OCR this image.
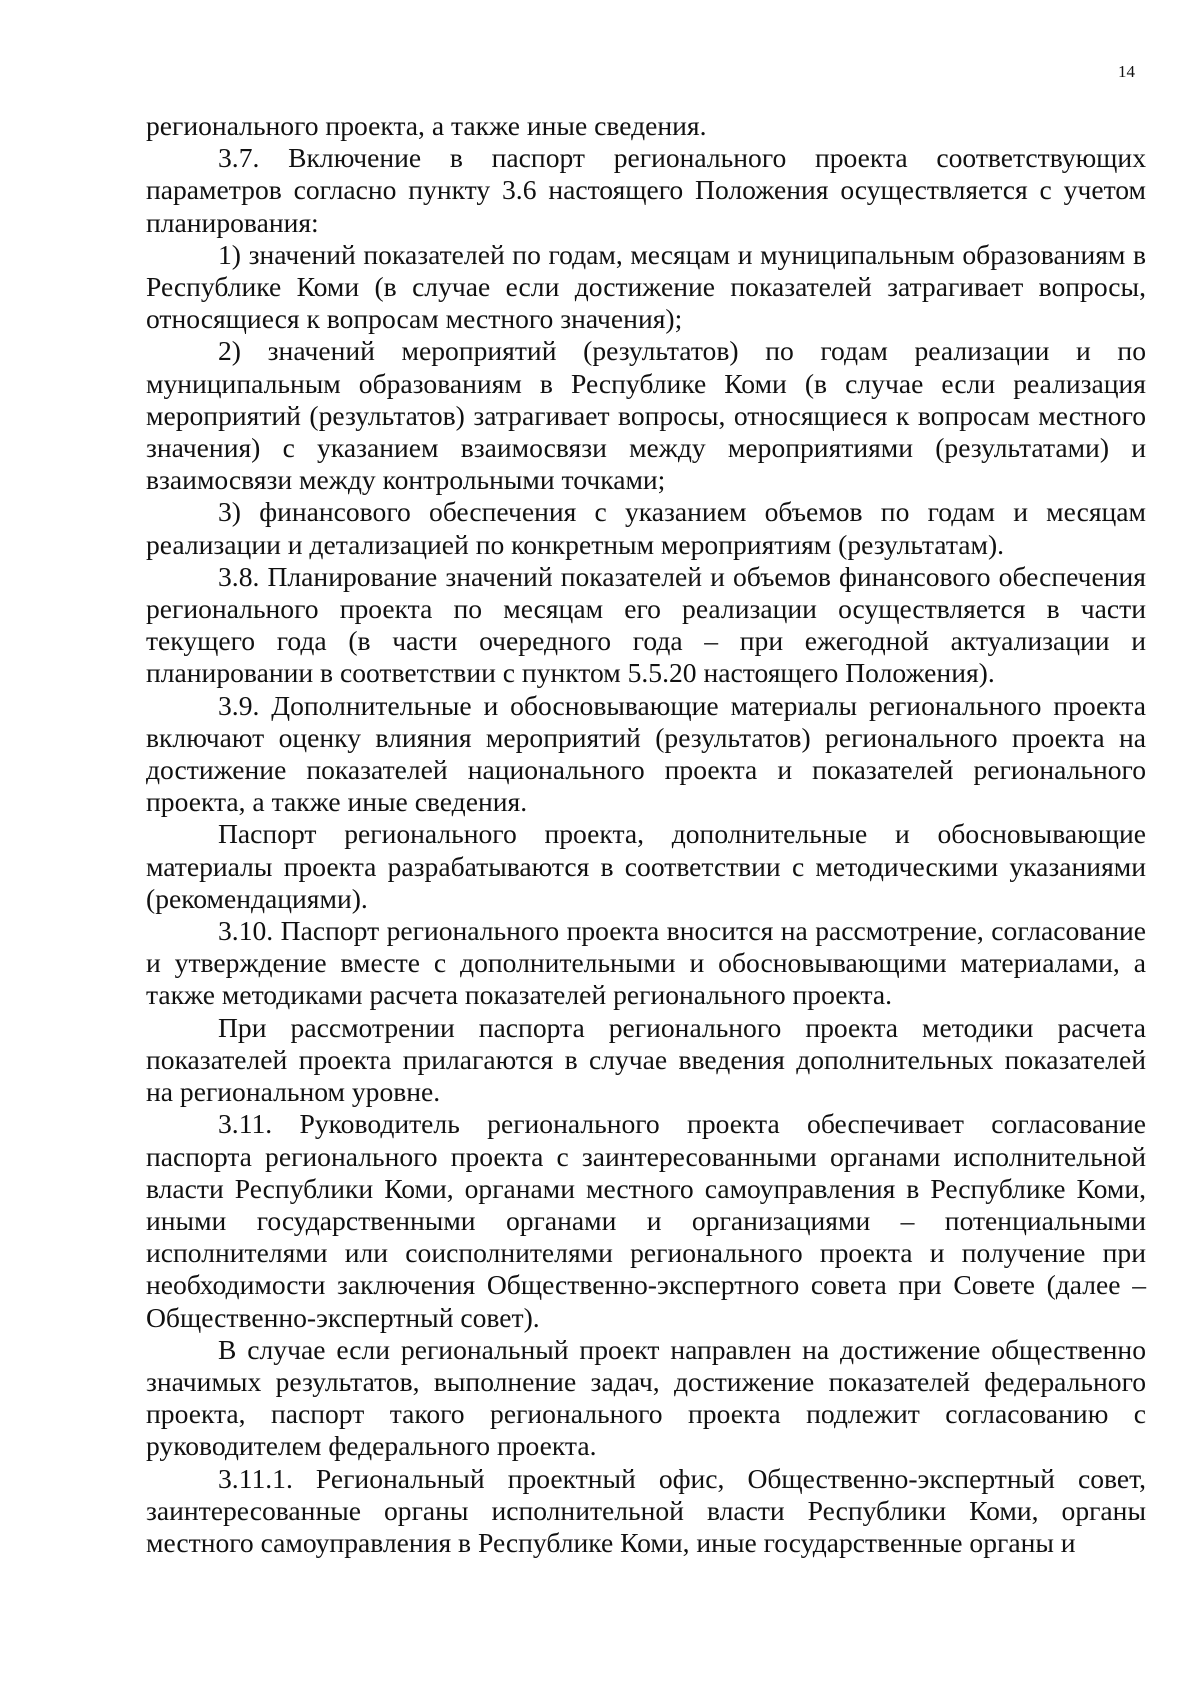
14

регионального проекта, а также иные сведения.

3.7. Включение в паспорт регионального проекта соответствующих параметров согласно пункту 3.6 настоящего Положения осуществляется с учетом планирования:

1) значений показателей по годам, месяцам и муниципальным образованиям в Республике Коми (в случае если достижение показателей затрагивает вопросы, относящиеся к вопросам местного значения);

2) значений мероприятий (результатов) по годам реализации и по муниципальным образованиям в Республике Коми (в случае если реализация мероприятий (результатов) затрагивает вопросы, относящиеся к вопросам местного значения) с указанием взаимосвязи между мероприятиями (результатами) и взаимосвязи между контрольными точками;

3) финансового обеспечения с указанием объемов по годам и месяцам реализации и детализацией по конкретным мероприятиям (результатам).

3.8. Планирование значений показателей и объемов финансового обеспечения регионального проекта по месяцам его реализации осуществляется в части текущего года (в части очередного года – при ежегодной актуализации и планировании в соответствии с пунктом 5.5.20 настоящего Положения).

3.9. Дополнительные и обосновывающие материалы регионального проекта включают оценку влияния мероприятий (результатов) регионального проекта на достижение показателей национального проекта и показателей регионального проекта, а также иные сведения.

Паспорт регионального проекта, дополнительные и обосновывающие материалы проекта разрабатываются в соответствии с методическими указаниями (рекомендациями).

3.10. Паспорт регионального проекта вносится на рассмотрение, согласование и утверждение вместе с дополнительными и обосновывающими материалами, а также методиками расчета показателей регионального проекта.

При рассмотрении паспорта регионального проекта методики расчета показателей проекта прилагаются в случае введения дополнительных показателей на региональном уровне.

3.11. Руководитель регионального проекта обеспечивает согласование паспорта регионального проекта с заинтересованными органами исполнительной власти Республики Коми, органами местного самоуправления в Республике Коми, иными государственными органами и организациями – потенциальными исполнителями или соисполнителями регионального проекта и получение при необходимости заключения Общественно-экспертного совета при Совете (далее – Общественно-экспертный совет).

В случае если региональный проект направлен на достижение общественно значимых результатов, выполнение задач, достижение показателей федерального проекта, паспорт такого регионального проекта подлежит согласованию с руководителем федерального проекта.

3.11.1. Региональный проектный офис, Общественно-экспертный совет, заинтересованные органы исполнительной власти Республики Коми, органы местного самоуправления в Республике Коми, иные государственные органы и
